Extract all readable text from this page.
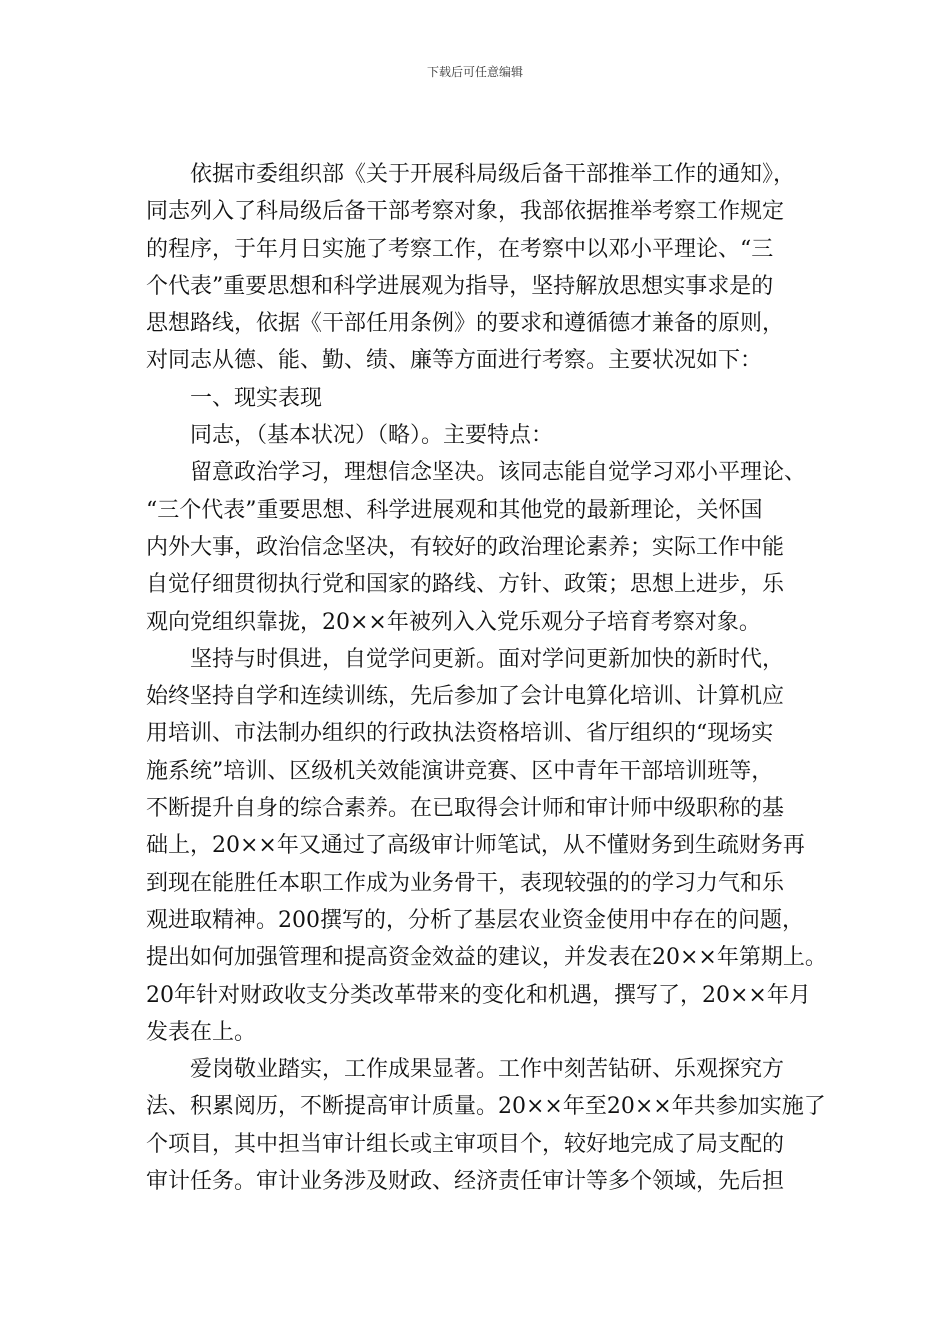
下载后可任意编辑
依据市委组织部《关于开展科局级后备干部推举工作的通知》，
同志列入了科局级后备干部考察对象，我部依据推举考察工作规定
的程序，于年月日实施了考察工作，在考察中以邓小平理论、“三
个代表”重要思想和科学进展观为指导，坚持解放思想实事求是的
思想路线，依据《干部任用条例》的要求和遵循德才兼备的原则，
对同志从德、能、勤、绩、廉等方面进行考察。主要状况如下：
一、现实表现
同志，（基本状况）（略）。主要特点：
留意政治学习，理想信念坚决。该同志能自觉学习邓小平理论、
“三个代表”重要思想、科学进展观和其他党的最新理论，关怀国
内外大事，政治信念坚决，有较好的政治理论素养；实际工作中能
自觉仔细贯彻执行党和国家的路线、方针、政策；思想上进步，乐
观向党组织靠拢，20××年被列入入党乐观分子培育考察对象。
坚持与时俱进，自觉学问更新。面对学问更新加快的新时代，
始终坚持自学和连续训练，先后参加了会计电算化培训、计算机应
用培训、市法制办组织的行政执法资格培训、省厅组织的“现场实
施系统”培训、区级机关效能演讲竞赛、区中青年干部培训班等，
不断提升自身的综合素养。在已取得会计师和审计师中级职称的基
础上，20××年又通过了高级审计师笔试，从不懂财务到生疏财务再
到现在能胜任本职工作成为业务骨干，表现较强的的学习力气和乐
观进取精神。200撰写的，分析了基层农业资金使用中存在的问题，
提出如何加强管理和提高资金效益的建议，并发表在20××年第期上。
20年针对财政收支分类改革带来的变化和机遇，撰写了，20××年月
发表在上。
爱岗敬业踏实，工作成果显著。工作中刻苦钻研、乐观探究方
法、积累阅历，不断提高审计质量。20××年至20××年共参加实施了
个项目，其中担当审计组长或主审项目个，较好地完成了局支配的
审计任务。审计业务涉及财政、经济责任审计等多个领域，先后担
